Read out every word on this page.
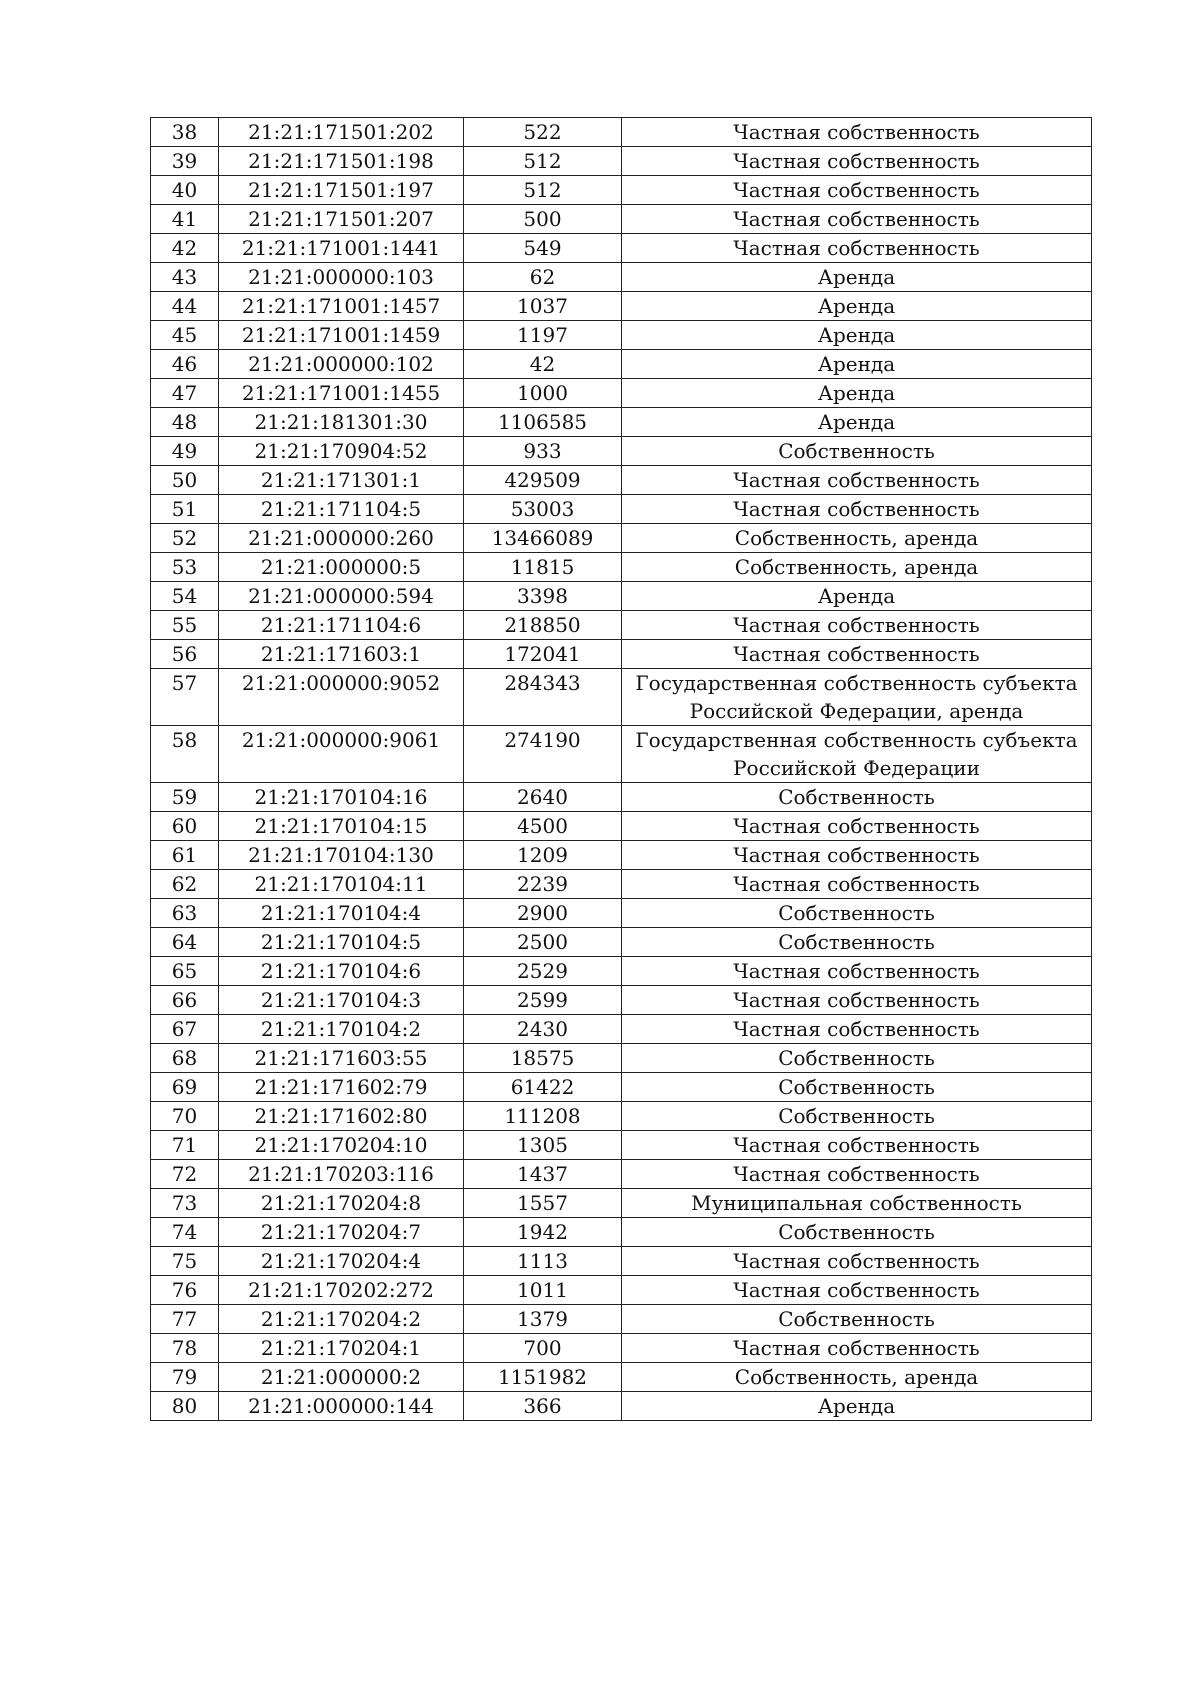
38	21:21:171501:202	522	Частная собственность
39	21:21:171501:198	512	Частная собственность
40	21:21:171501:197	512	Частная собственность
41	21:21:171501:207	500	Частная собственность
42	21:21:171001:1441	549	Частная собственность
43	21:21:000000:103	62	Аренда
44	21:21:171001:1457	1037	Аренда
45	21:21:171001:1459	1197	Аренда
46	21:21:000000:102	42	Аренда
47	21:21:171001:1455	1000	Аренда
48	21:21:181301:30	1106585	Аренда
49	21:21:170904:52	933	Собственность
50	21:21:171301:1	429509	Частная собственность
51	21:21:171104:5	53003	Частная собственность
52	21:21:000000:260	13466089	Собственность, аренда
53	21:21:000000:5	11815	Собственность, аренда
54	21:21:000000:594	3398	Аренда
55	21:21:171104:6	218850	Частная собственность
56	21:21:171603:1	172041	Частная собственность
57	21:21:000000:9052	284343	Государственная собственность субъекта Российской Федерации, аренда
58	21:21:000000:9061	274190	Государственная собственность субъекта Российской Федерации
59	21:21:170104:16	2640	Собственность
60	21:21:170104:15	4500	Частная собственность
61	21:21:170104:130	1209	Частная собственность
62	21:21:170104:11	2239	Частная собственность
63	21:21:170104:4	2900	Собственность
64	21:21:170104:5	2500	Собственность
65	21:21:170104:6	2529	Частная собственность
66	21:21:170104:3	2599	Частная собственность
67	21:21:170104:2	2430	Частная собственность
68	21:21:171603:55	18575	Собственность
69	21:21:171602:79	61422	Собственность
70	21:21:171602:80	111208	Собственность
71	21:21:170204:10	1305	Частная собственность
72	21:21:170203:116	1437	Частная собственность
73	21:21:170204:8	1557	Муниципальная собственность
74	21:21:170204:7	1942	Собственность
75	21:21:170204:4	1113	Частная собственность
76	21:21:170202:272	1011	Частная собственность
77	21:21:170204:2	1379	Собственность
78	21:21:170204:1	700	Частная собственность
79	21:21:000000:2	1151982	Собственность, аренда
80	21:21:000000:144	366	Аренда
